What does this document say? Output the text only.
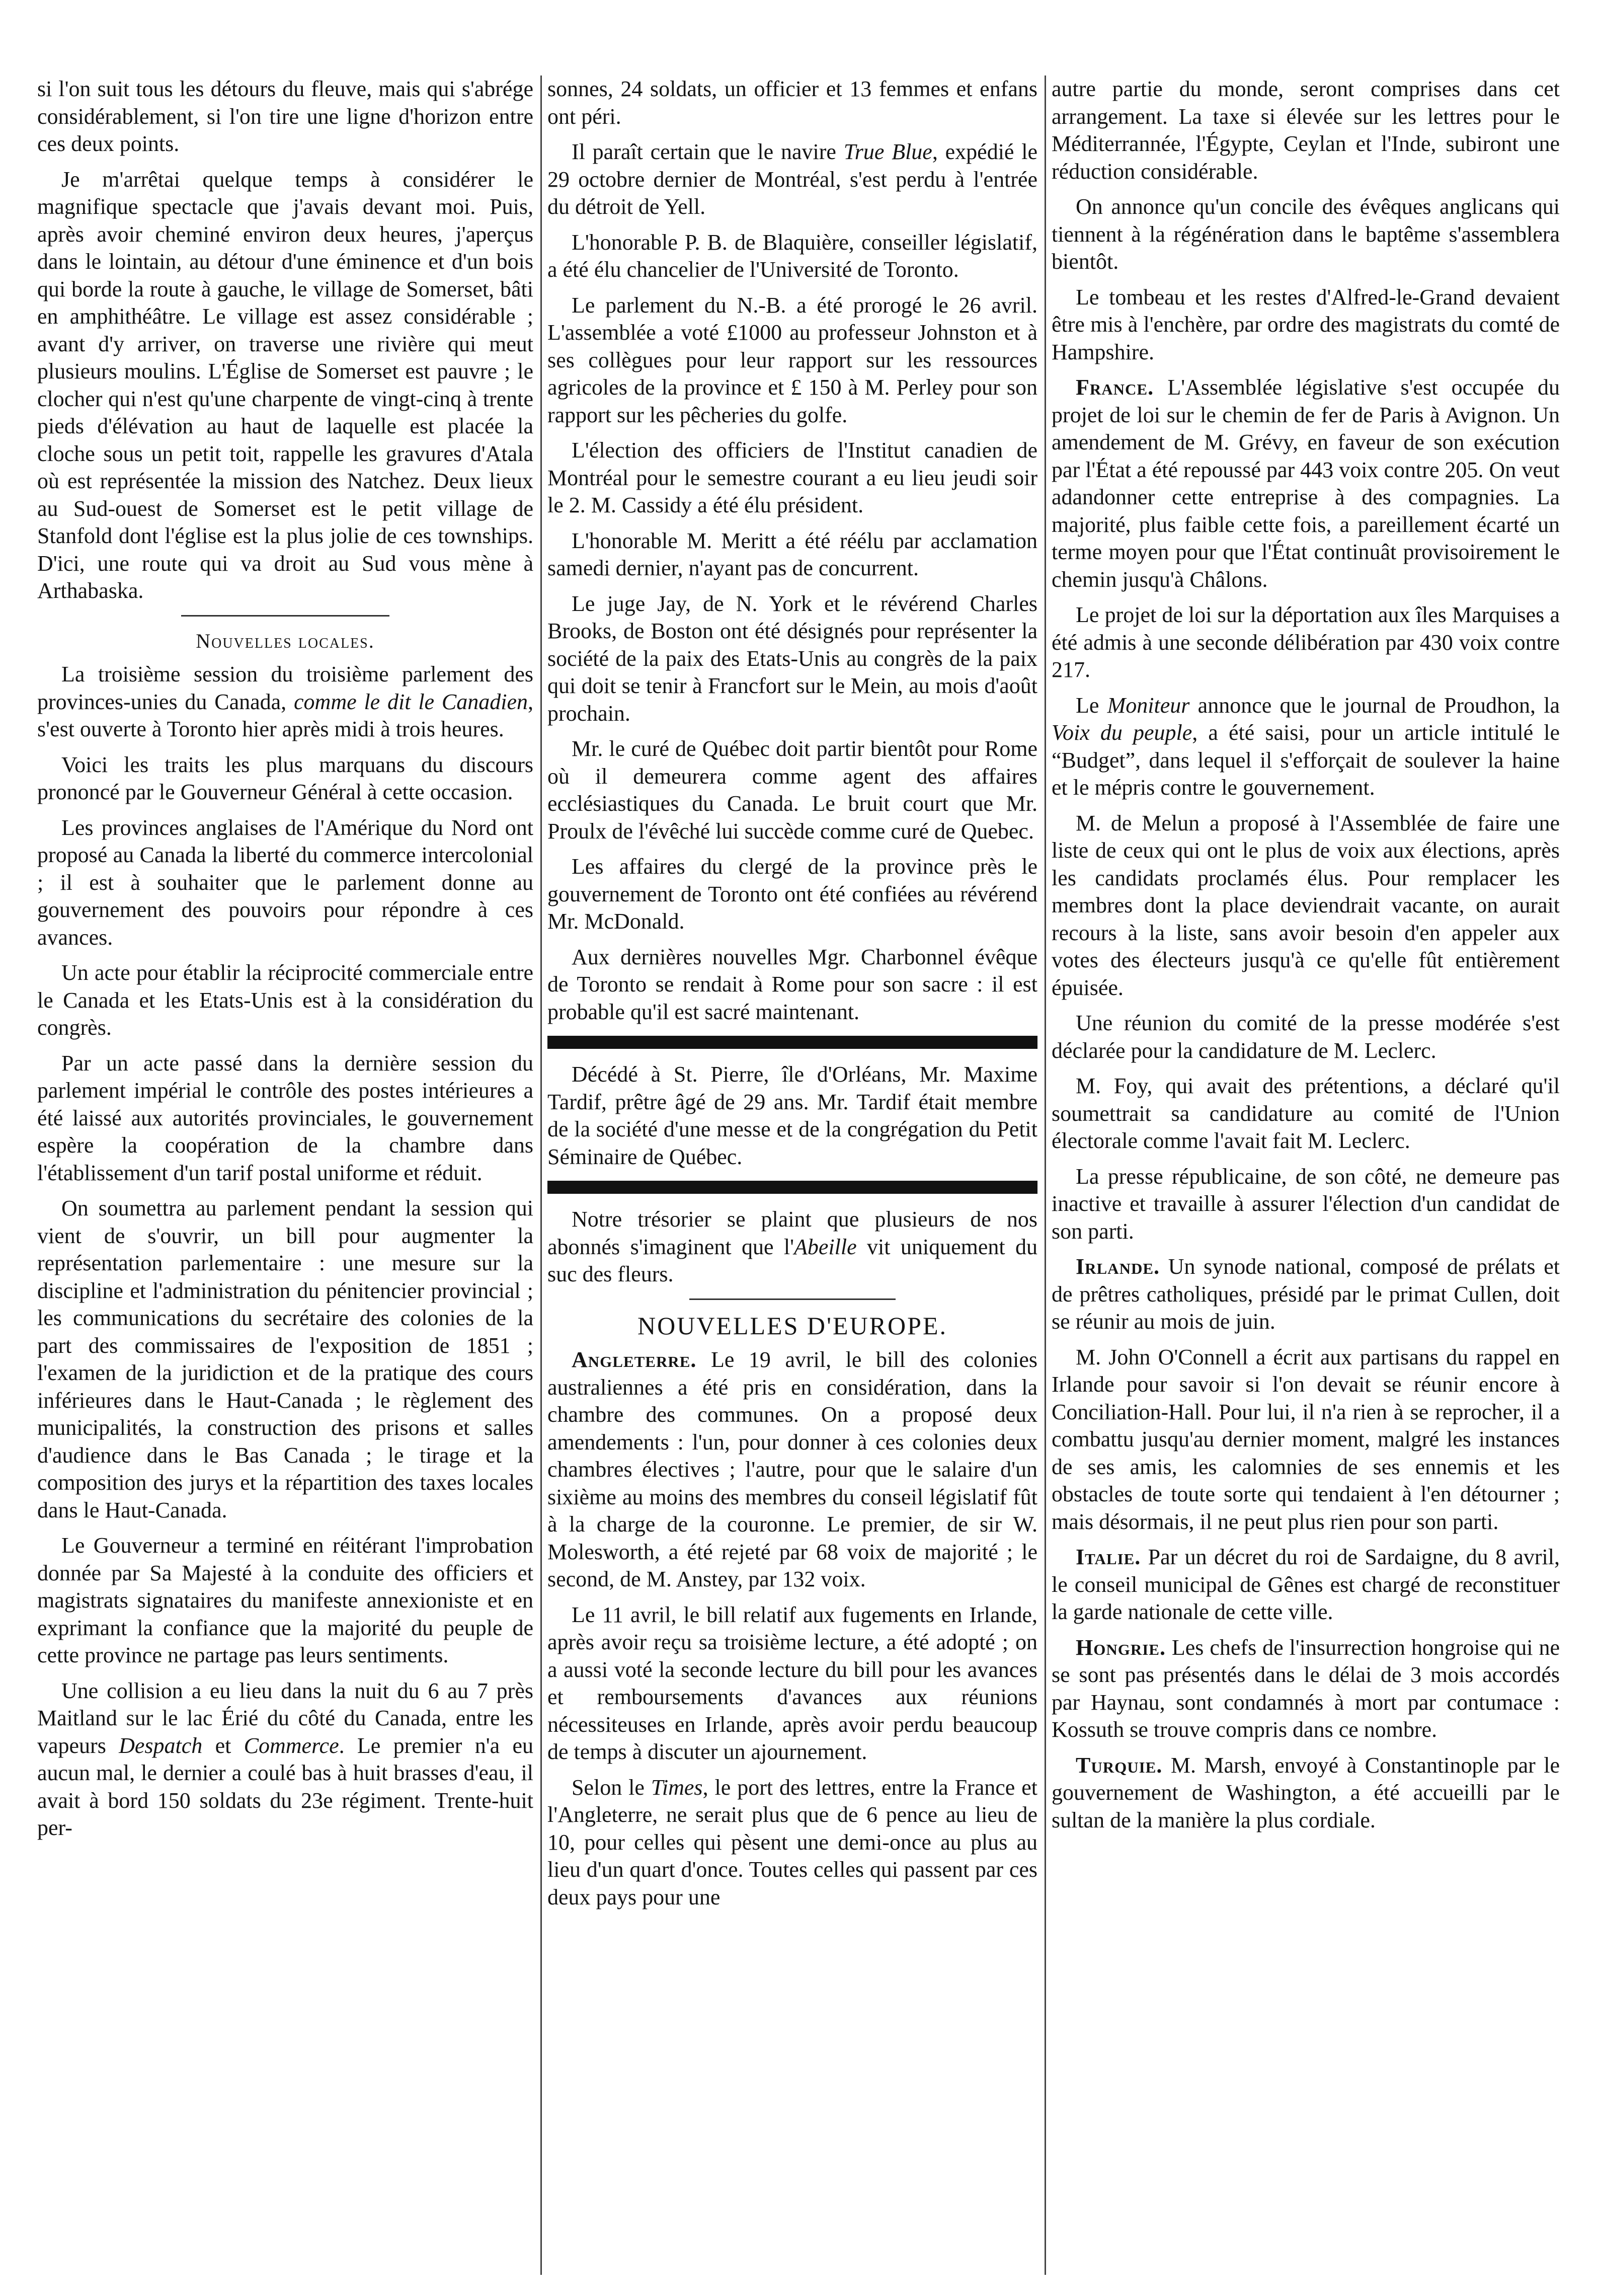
si l'on suit tous les détours du fleuve, mais qui s'abrége considérablement, si l'on tire une ligne d'horizon entre ces deux points.

Je m'arrêtai quelque temps à considérer le magnifique spectacle que j'avais devant moi. Puis, après avoir cheminé environ deux heures, j'aperçus dans le lointain, au détour d'une éminence et d'un bois qui borde la route à gauche, le village de Somerset, bâti en amphithéâtre. Le village est assez considérable ; avant d'y arriver, on traverse une rivière qui meut plusieurs moulins. L'Église de Somerset est pauvre ; le clocher qui n'est qu'une charpente de vingt-cinq à trente pieds d'élévation au haut de laquelle est placée la cloche sous un petit toit, rappelle les gravures d'Atala où est représentée la mission des Natchez. Deux lieux au Sud-ouest de Somerset est le petit village de Stanfold dont l'église est la plus jolie de ces townships. D'ici, une route qui va droit au Sud vous mène à Arthabaska.

Nouvelles locales.

La troisième session du troisième parlement des provinces-unies du Canada, comme le dit le Canadien, s'est ouverte à Toronto hier après midi à trois heures.

Voici les traits les plus marquans du discours prononcé par le Gouverneur Général à cette occasion.

Les provinces anglaises de l'Amérique du Nord ont proposé au Canada la liberté du commerce intercolonial ; il est à souhaiter que le parlement donne au gouvernement des pouvoirs pour répondre à ces avances.

Un acte pour établir la réciprocité commerciale entre le Canada et les Etats-Unis est à la considération du congrès.

Par un acte passé dans la dernière session du parlement impérial le contrôle des postes intérieures a été laissé aux autorités provinciales, le gouvernement espère la coopération de la chambre dans l'établissement d'un tarif postal uniforme et réduit.

On soumettra au parlement pendant la session qui vient de s'ouvrir, un bill pour augmenter la représentation parlementaire : une mesure sur la discipline et l'administration du pénitencier provincial ; les communications du secrétaire des colonies de la part des commissaires de l'exposition de 1851 ; l'examen de la juridiction et de la pratique des cours inférieures dans le Haut-Canada ; le règlement des municipalités, la construction des prisons et salles d'audience dans le Bas Canada ; le tirage et la composition des jurys et la répartition des taxes locales dans le Haut-Canada.

Le Gouverneur a terminé en réitérant l'improbation donnée par Sa Majesté à la conduite des officiers et magistrats signataires du manifeste annexioniste et en exprimant la confiance que la majorité du peuple de cette province ne partage pas leurs sentiments.

Une collision a eu lieu dans la nuit du 6 au 7 près Maitland sur le lac Érié du côté du Canada, entre les vapeurs Despatch et Commerce. Le premier n'a eu aucun mal, le dernier a coulé bas à huit brasses d'eau, il avait à bord 150 soldats du 23e régiment. Trente-huit per-

sonnes, 24 soldats, un officier et 13 femmes et enfans ont péri.

Il paraît certain que le navire True Blue, expédié le 29 octobre dernier de Montréal, s'est perdu à l'entrée du détroit de Yell.

L'honorable P. B. de Blaquière, conseiller législatif, a été élu chancelier de l'Université de Toronto.

Le parlement du N.-B. a été prorogé le 26 avril. L'assemblée a voté £1000 au professeur Johnston et à ses collègues pour leur rapport sur les ressources agricoles de la province et £ 150 à M. Perley pour son rapport sur les pêcheries du golfe.

L'élection des officiers de l'Institut canadien de Montréal pour le semestre courant a eu lieu jeudi soir le 2. M. Cassidy a été élu président.

L'honorable M. Meritt a été réélu par acclamation samedi dernier, n'ayant pas de concurrent.

Le juge Jay, de N. York et le révérend Charles Brooks, de Boston ont été désignés pour représenter la société de la paix des Etats-Unis au congrès de la paix qui doit se tenir à Francfort sur le Mein, au mois d'août prochain.

Mr. le curé de Québec doit partir bientôt pour Rome où il demeurera comme agent des affaires ecclésiastiques du Canada. Le bruit court que Mr. Proulx de l'évêché lui succède comme curé de Quebec.

Les affaires du clergé de la province près le gouvernement de Toronto ont été confiées au révérend Mr. McDonald.

Aux dernières nouvelles Mgr. Charbonnel évêque de Toronto se rendait à Rome pour son sacre : il est probable qu'il est sacré maintenant.

Décédé à St. Pierre, île d'Orléans, Mr. Maxime Tardif, prêtre âgé de 29 ans. Mr. Tardif était membre de la société d'une messe et de la congrégation du Petit Séminaire de Québec.

Notre trésorier se plaint que plusieurs de nos abonnés s'imaginent que l'Abeille vit uniquement du suc des fleurs.

NOUVELLES D'EUROPE.

Angleterre. Le 19 avril, le bill des colonies australiennes a été pris en considération, dans la chambre des communes. On a proposé deux amendements : l'un, pour donner à ces colonies deux chambres électives ; l'autre, pour que le salaire d'un sixième au moins des membres du conseil législatif fût à la charge de la couronne. Le premier, de sir W. Molesworth, a été rejeté par 68 voix de majorité ; le second, de M. Anstey, par 132 voix.

Le 11 avril, le bill relatif aux fugements en Irlande, après avoir reçu sa troisième lecture, a été adopté ; on a aussi voté la seconde lecture du bill pour les avances et remboursements d'avances aux réunions nécessiteuses en Irlande, après avoir perdu beaucoup de temps à discuter un ajournement.

Selon le Times, le port des lettres, entre la France et l'Angleterre, ne serait plus que de 6 pence au lieu de 10, pour celles qui pèsent une demi-once au plus au lieu d'un quart d'once. Toutes celles qui passent par ces deux pays pour une

autre partie du monde, seront comprises dans cet arrangement. La taxe si élevée sur les lettres pour le Méditerrannée, l'Égypte, Ceylan et l'Inde, subiront une réduction considérable.

On annonce qu'un concile des évêques anglicans qui tiennent à la régénération dans le baptême s'assemblera bientôt.

Le tombeau et les restes d'Alfred-le-Grand devaient être mis à l'enchère, par ordre des magistrats du comté de Hampshire.

France. L'Assemblée législative s'est occupée du projet de loi sur le chemin de fer de Paris à Avignon. Un amendement de M. Grévy, en faveur de son exécution par l'État a été repoussé par 443 voix contre 205. On veut adandonner cette entreprise à des compagnies. La majorité, plus faible cette fois, a pareillement écarté un terme moyen pour que l'État continuât provisoirement le chemin jusqu'à Châlons.

Le projet de loi sur la déportation aux îles Marquises a été admis à une seconde délibération par 430 voix contre 217.

Le Moniteur annonce que le journal de Proudhon, la Voix du peuple, a été saisi, pour un article intitulé le “Budget”, dans lequel il s'efforçait de soulever la haine et le mépris contre le gouvernement.

M. de Melun a proposé à l'Assemblée de faire une liste de ceux qui ont le plus de voix aux élections, après les candidats proclamés élus. Pour remplacer les membres dont la place deviendrait vacante, on aurait recours à la liste, sans avoir besoin d'en appeler aux votes des électeurs jusqu'à ce qu'elle fût entièrement épuisée.

Une réunion du comité de la presse modérée s'est déclarée pour la candidature de M. Leclerc.

M. Foy, qui avait des prétentions, a déclaré qu'il soumettrait sa candidature au comité de l'Union électorale comme l'avait fait M. Leclerc.

La presse républicaine, de son côté, ne demeure pas inactive et travaille à assurer l'élection d'un candidat de son parti.

Irlande. Un synode national, composé de prélats et de prêtres catholiques, présidé par le primat Cullen, doit se réunir au mois de juin.

M. John O'Connell a écrit aux partisans du rappel en Irlande pour savoir si l'on devait se réunir encore à Conciliation-Hall. Pour lui, il n'a rien à se reprocher, il a combattu jusqu'au dernier moment, malgré les instances de ses amis, les calomnies de ses ennemis et les obstacles de toute sorte qui tendaient à l'en détourner ; mais désormais, il ne peut plus rien pour son parti.

Italie. Par un décret du roi de Sardaigne, du 8 avril, le conseil municipal de Gênes est chargé de reconstituer la garde nationale de cette ville.

Hongrie. Les chefs de l'insurrection hongroise qui ne se sont pas présentés dans le délai de 3 mois accordés par Haynau, sont condamnés à mort par contumace : Kossuth se trouve compris dans ce nombre.

Turquie. M. Marsh, envoyé à Constantinople par le gouvernement de Washington, a été accueilli par le sultan de la manière la plus cordiale.
